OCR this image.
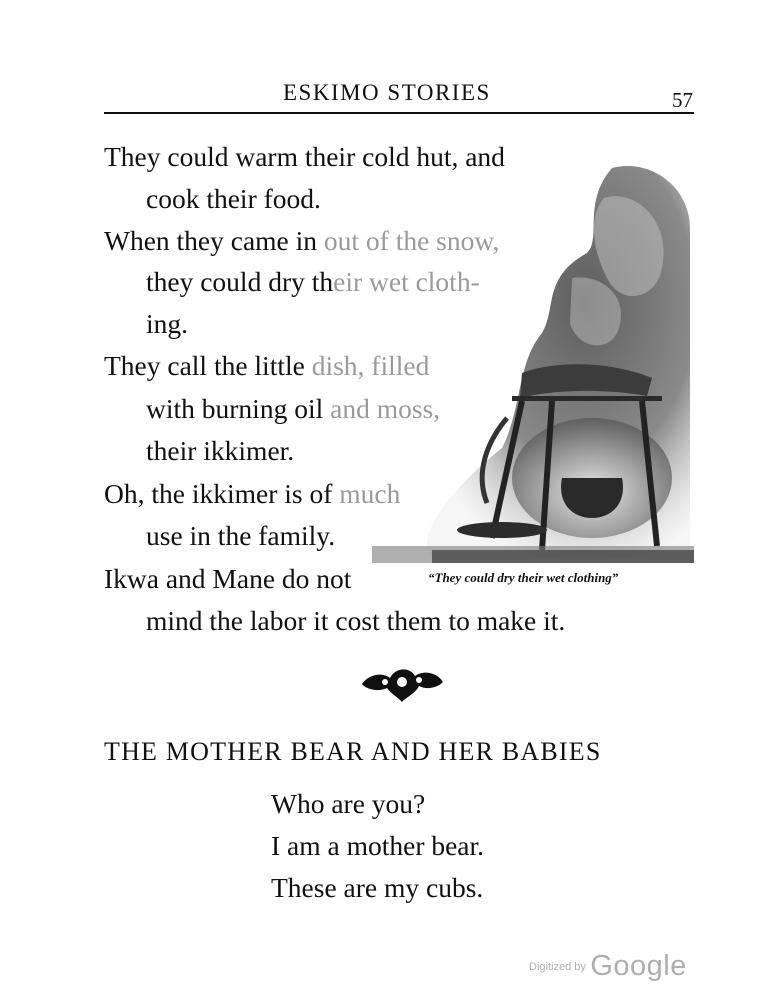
ESKIMO STORIES	57
They could warm their cold hut, and
cook their food.
When they came in out of the snow,
they could dry their wet cloth-
ing.
They call the little dish, filled
with burning oil and moss,
their ikkimer.
Oh, the ikkimer is of much
use in the family.
Ikwa and Mane do not	“They could dry their wet clothing”
mind the labor it cost them to make it.
THE MOTHER BEAR AND HER BABIES
Who are you?
I am a mother bear.
These are my cubs.
$^{Digitized by}$ Google
